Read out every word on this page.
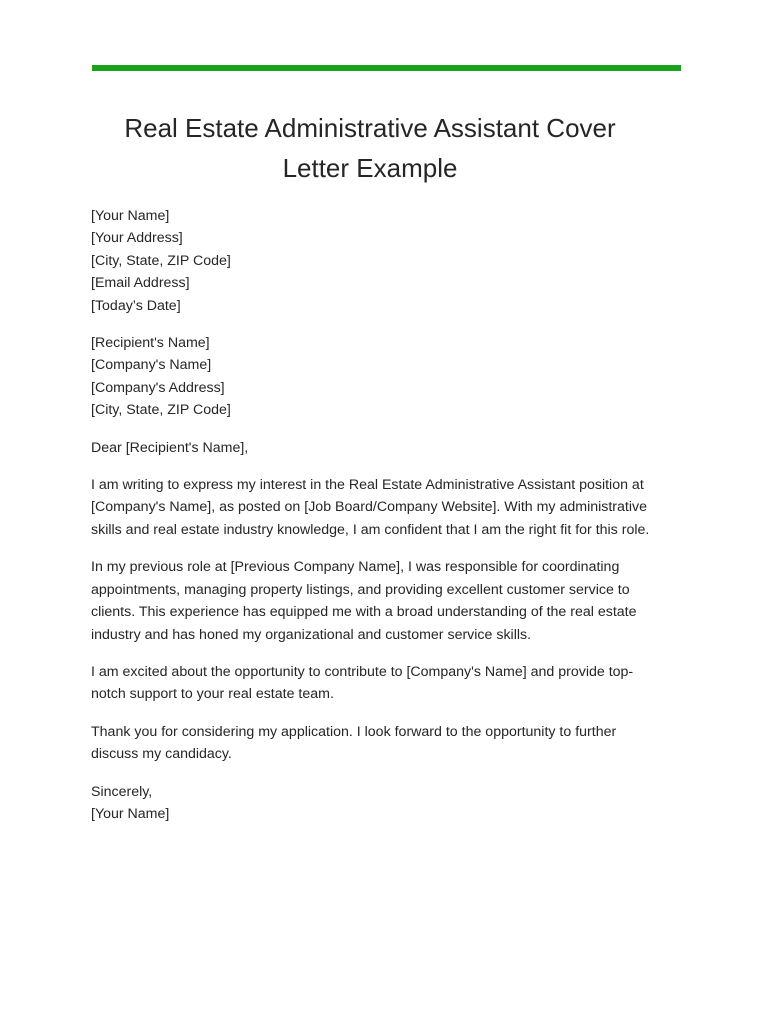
Real Estate Administrative Assistant Cover Letter Example
[Your Name]
[Your Address]
[City, State, ZIP Code]
[Email Address]
[Today’s Date]
[Recipient's Name]
[Company's Name]
[Company's Address]
[City, State, ZIP Code]

Dear [Recipient's Name],

I am writing to express my interest in the Real Estate Administrative Assistant position at [Company's Name], as posted on [Job Board/Company Website]. With my administrative skills and real estate industry knowledge, I am confident that I am the right fit for this role.

In my previous role at [Previous Company Name], I was responsible for coordinating appointments, managing property listings, and providing excellent customer service to clients. This experience has equipped me with a broad understanding of the real estate industry and has honed my organizational and customer service skills.

I am excited about the opportunity to contribute to [Company's Name] and provide top-notch support to your real estate team.

Thank you for considering my application. I look forward to the opportunity to further discuss my candidacy.

Sincerely,
[Your Name]
